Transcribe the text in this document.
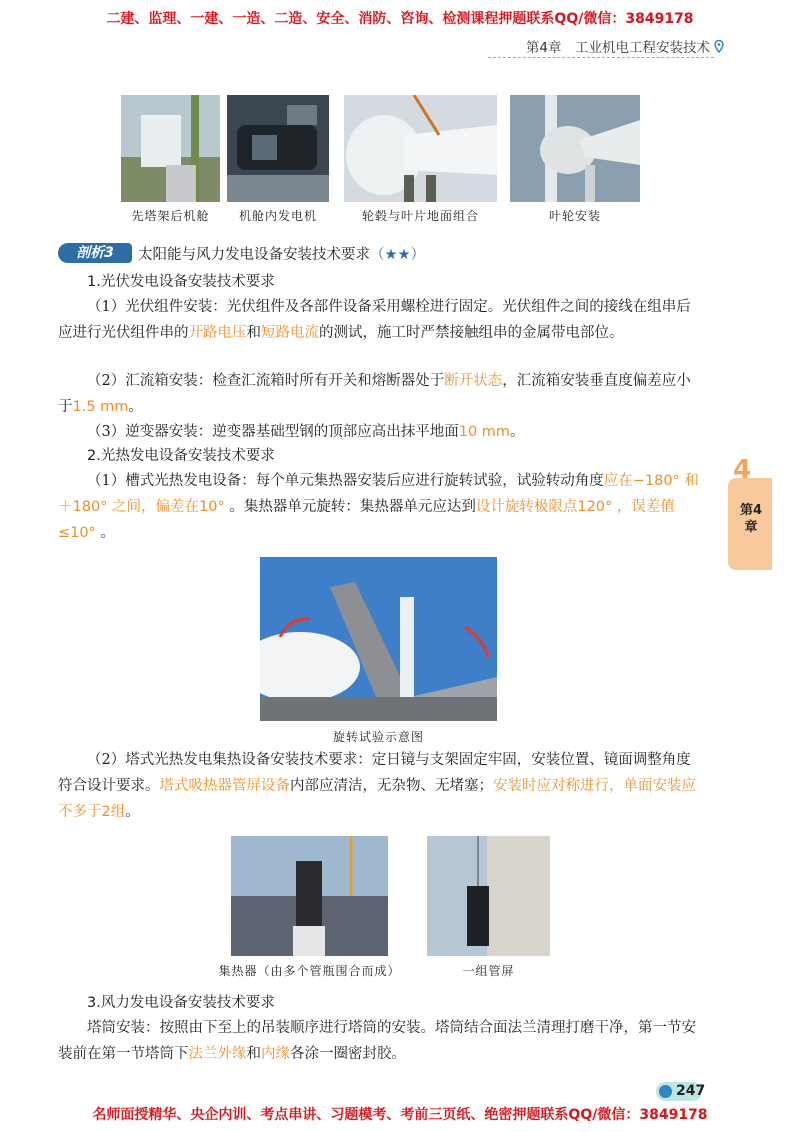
二建、监理、一建、一造、二造、安全、消防、咨询、检测课程押题联系QQ/微信：3849178
第4章　工业机电工程安装技术
先塔架后机舱	机舱内发电机	轮毂与叶片地面组合	叶轮安装
剖析3	太阳能与风力发电设备安装技术要求（★★）
1.光伏发电设备安装技术要求

（1）光伏组件安装：光伏组件及各部件设备采用螺栓进行固定。光伏组件之间的接线在组串后应进行光伏组件串的开路电压和短路电流的测试，施工时严禁接触组串的金属带电部位。

（2）汇流箱安装：检查汇流箱时所有开关和熔断器处于断开状态，汇流箱安装垂直度偏差应小于1.5 mm。

（3）逆变器安装：逆变器基础型钢的顶部应高出抹平地面10 mm。

2.光热发电设备安装技术要求

（1）槽式光热发电设备：每个单元集热器安装后应进行旋转试验，试验转动角度应在−180° 和＋180° 之间，偏差在10° 。集热器单元旋转：集热器单元应达到设计旋转极限点120° ，误差值≤10° 。

旋转试验示意图

（2）塔式光热发电集热设备安装技术要求：定日镜与支架固定牢固，安装位置、镜面调整角度符合设计要求。塔式吸热器管屏设备内部应清洁，无杂物、无堵塞；安装时应对称进行，单面安装应不多于2组。

集热器（由多个管瓶围合而成）	一组管屏
3.风力发电设备安装技术要求

塔筒安装：按照由下至上的吊装顺序进行塔筒的安装。塔筒结合面法兰清理打磨干净，第一节安装前在第一节塔筒下法兰外缘和内缘各涂一圈密封胶。

4
第4章
247
名师面授精华、央企内训、考点串讲、习题模考、考前三页纸、绝密押题联系QQ/微信：3849178
